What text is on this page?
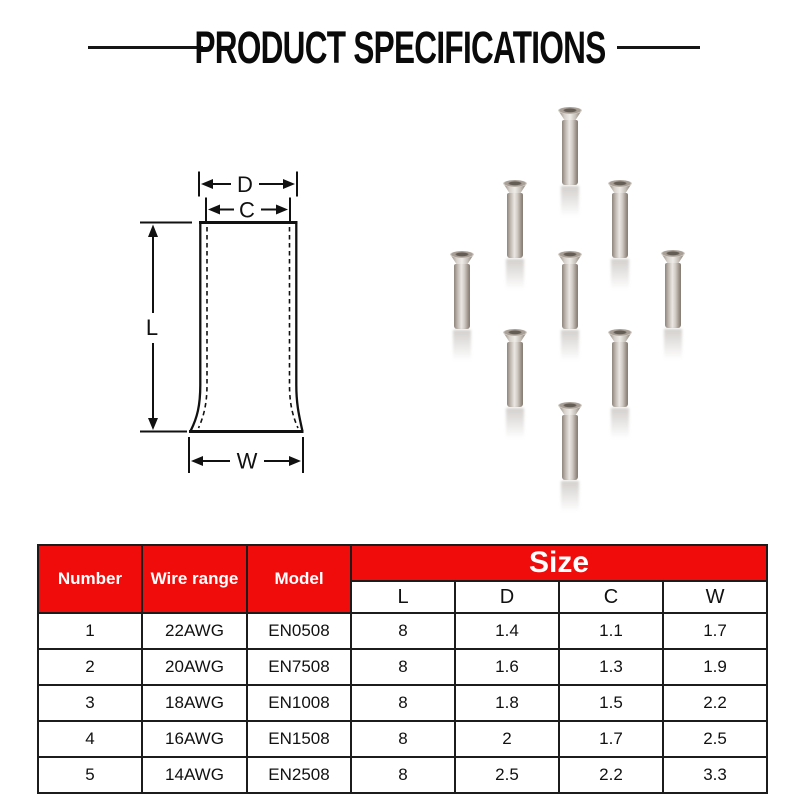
PRODUCT SPECIFICATIONS
D
C
L
W
Number	Wire range	Model	Size			
			L	D	C	W
1	22AWG	EN0508	8	1.4	1.1	1.7
2	20AWG	EN7508	8	1.6	1.3	1.9
3	18AWG	EN1008	8	1.8	1.5	2.2
4	16AWG	EN1508	8	2	1.7	2.5
5	14AWG	EN2508	8	2.5	2.2	3.3
